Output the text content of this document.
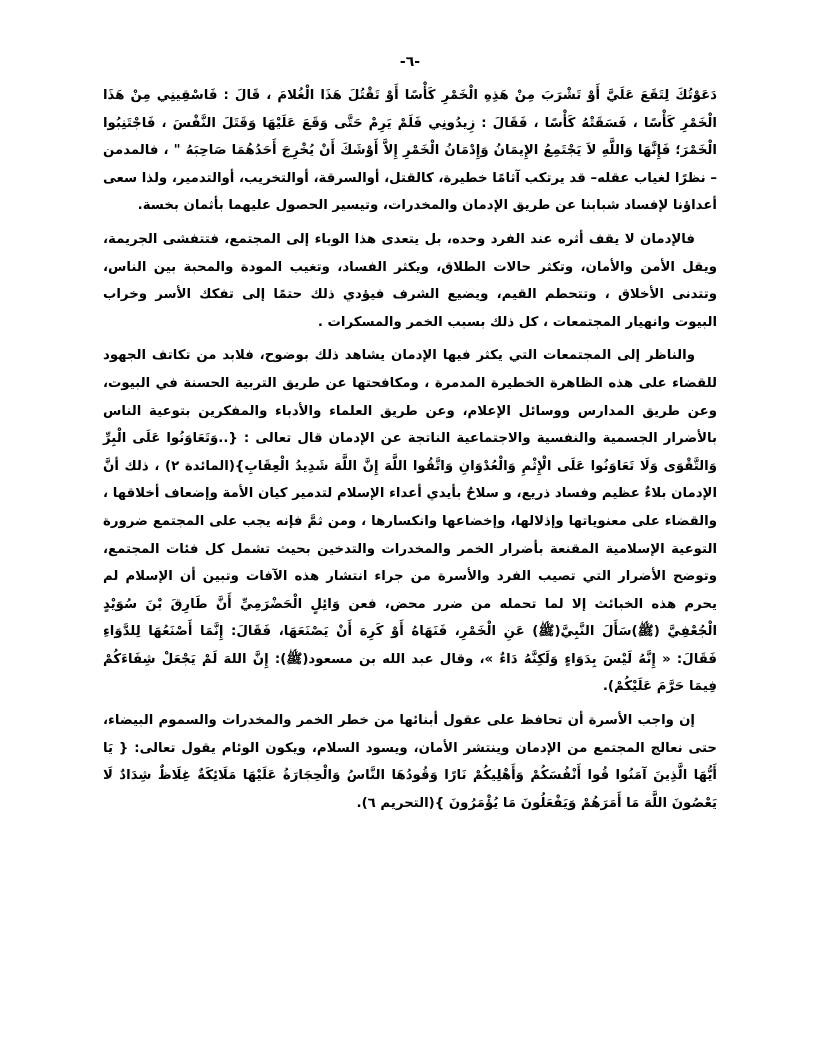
-٦-

دَعَوْتُكَ لِتَقَعَ عَلَيَّ أَوْ تَشْرَبَ مِنْ هَذِهِ الْخَمْرِ كَأْسًا أَوْ تَقْتُلَ هَذَا الْغُلامَ ، قَالَ : فَاسْقِينِي مِنْ هَذَا الْخَمْرِ كَأْسًا ، فَسَقَتْهُ كَأْسًا ، فَقَالَ : زِيدُونِي فَلَمْ يَرِمْ حَتَّى وَقَعَ عَلَيْهَا وَقَتَلَ النَّفْسَ ، فَاجْتَنِبُوا الْخَمْرَ؛ فَإِنَّهَا وَاللَّهِ لاَ يَجْتَمِعُ الإِيمَانُ وَإِدْمَانُ الْخَمْرِ إِلاَّ أَوْشَكَ أَنْ يُخْرِجَ أَحَدُهُمَا صَاحِبَهُ " ، فالمدمن – نظرًا لغياب عقله– قد يرتكب آثامًا خطيرة، كالقتل، أوالسرقة، أوالتخريب، أوالتدمير، ولذا سعى أعداؤنا لإفساد شبابنا عن طريق الإدمان والمخدرات، وتيسير الحصول عليهما بأثمان بخسة.

فالإدمان لا يقف أثره عند الفرد وحده، بل يتعدى هذا الوباء إلى المجتمع، فتتفشى الجريمة، ويقل الأمن والأمان، وتكثر حالات الطلاق، ويكثر الفساد، وتغيب المودة والمحبة بين الناس، وتتدنى الأخلاق ، وتتحطم القيم، ويضيع الشرف فيؤدي ذلك حتمًا إلى تفكك الأسر وخراب البيوت وانهيار المجتمعات ، كل ذلك بسبب الخمر والمسكرات .

والناظر إلى المجتمعات التي يكثر فيها الإدمان يشاهد ذلك بوضوح، فلابد من تكاتف الجهود للقضاء على هذه الظاهرة الخطيرة المدمرة ، ومكافحتها عن طريق التربية الحسنة في البيوت، وعن طريق المدارس ووسائل الإعلام، وعن طريق العلماء والأدباء والمفكرين بتوعية الناس بالأضرار الجسمية والنفسية والاجتماعية الناتجة عن الإدمان قال تعالى : {..وَتَعَاوَنُوا عَلَى الْبِرِّ وَالتَّقْوَى وَلَا تَعَاوَنُوا عَلَى الْإِثْمِ وَالْعُدْوَانِ وَاتَّقُوا اللَّهَ إِنَّ اللَّهَ شَدِيدُ الْعِقَابِ}(المائدة ٢) ، ذلك أنَّ الإدمان بلاءٌ عظيم وفساد ذريع، و سلاحٌ بأيدي أعداء الإسلام لتدمير كيان الأمة وإضعاف أخلاقها ، والقضاء على معنوياتها وإذلالها، وإخضاعها وانكسارها ، ومن ثمَّ فإنه يجب على المجتمع ضرورة التوعية الإسلامية المقنعة بأضرار الخمر والمخدرات والتدخين بحيث تشمل كل فئات المجتمع، وتوضح الأضرار التي تصيب الفرد والأسرة من جراء انتشار هذه الآفات وتبين أن الإسلام لم يحرم هذه الخبائث إلا لما تحمله من ضرر محض، فعن وَائِلٍ الْحَضْرَمِيِّ أَنَّ طَارِقَ بْنَ سُوَيْدٍ الْجُعْفِيَّ (ﷺ)سَأَلَ النَّبِيَّ(ﷺ) عَنِ الْخَمْرِ، فَنَهَاهُ أَوْ كَرِهَ أَنْ يَصْنَعَهَا، فَقَالَ: إِنَّمَا أَصْنَعُهَا لِلدَّوَاءِ فَقَالَ: « إِنَّهُ لَيْسَ بِدَوَاءٍ وَلَكِنَّهُ دَاءٌ »، وقال عبد الله بن مسعود(ﷺ): إِنَّ اللهَ لَمْ يَجْعَلْ شِفَاءَكُمْ فِيمَا حَرَّمَ عَلَيْكُمْ).

إن واجب الأسرة أن تحافظ على عقول أبنائها من خطر الخمر والمخدرات والسموم البيضاء، حتى نعالج المجتمع من الإدمان وينتشر الأمان، ويسود السلام، ويكون الوئام يقول تعالى: { يَا أَيُّهَا الَّذِينَ آمَنُوا قُوا أَنْفُسَكُمْ وَأَهْلِيكُمْ نَارًا وَقُودُهَا النَّاسُ وَالْحِجَارَةُ عَلَيْهَا مَلَائِكَةٌ غِلَاظٌ شِدَادٌ لَا يَعْصُونَ اللَّهَ مَا أَمَرَهُمْ وَيَفْعَلُونَ مَا يُؤْمَرُونَ }(التحريم ٦).
